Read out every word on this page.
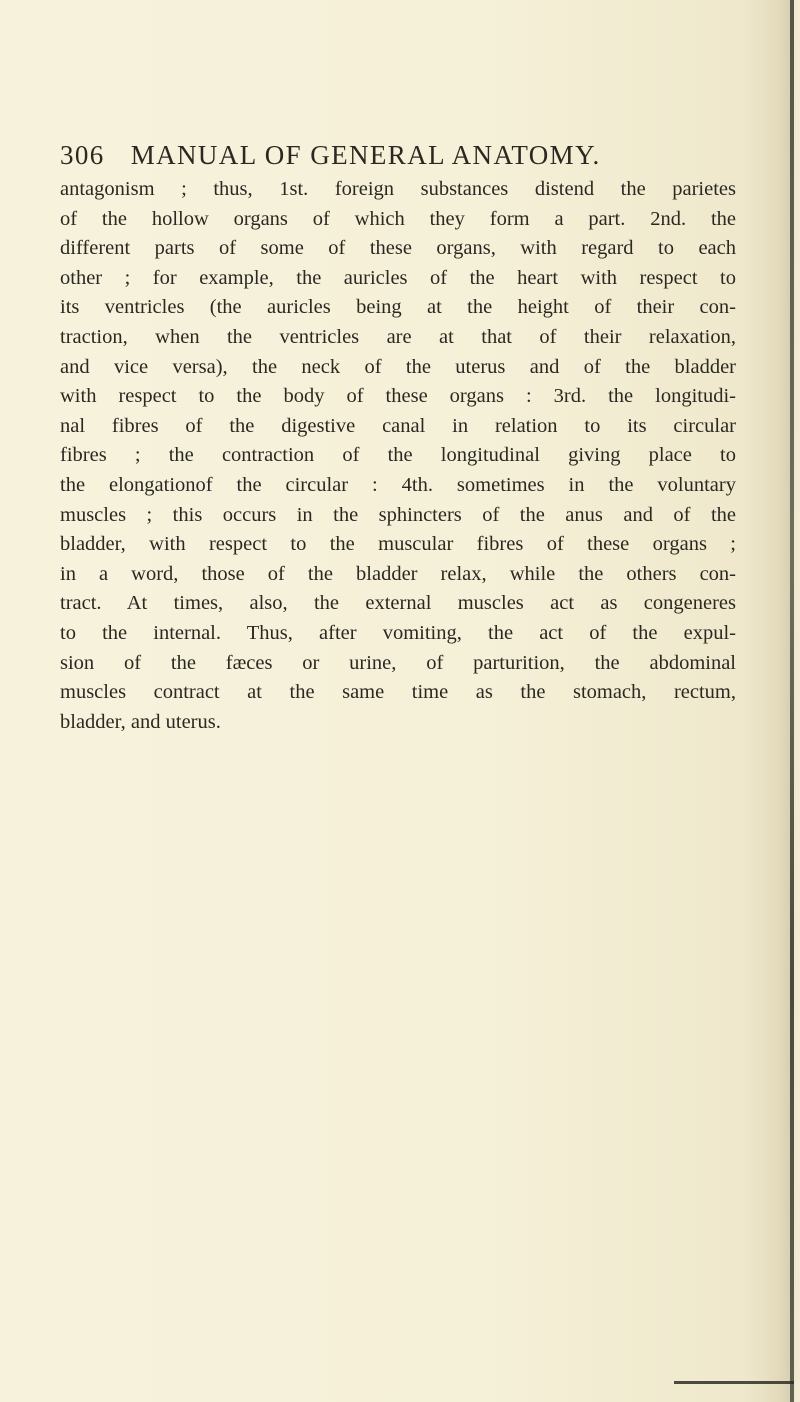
306 MANUAL OF GENERAL ANATOMY.
antagonism ; thus, 1st. foreign substances distend the parietes
of the hollow organs of which they form a part. 2nd. the
different parts of some of these organs, with regard to each
other ; for example, the auricles of the heart with respect to
its ventricles (the auricles being at the height of their con-
traction, when the ventricles are at that of their relaxation,
and vice versa), the neck of the uterus and of the bladder
with respect to the body of these organs : 3rd. the longitudi-
nal fibres of the digestive canal in relation to its circular
fibres ; the contraction of the longitudinal giving place to
the elongationof the circular : 4th. sometimes in the voluntary
muscles ; this occurs in the sphincters of the anus and of the
bladder, with respect to the muscular fibres of these organs ;
in a word, those of the bladder relax, while the others con-
tract. At times, also, the external muscles act as congeneres
to the internal. Thus, after vomiting, the act of the expul-
sion of the fæces or urine, of parturition, the abdominal
muscles contract at the same time as the stomach, rectum,
bladder, and uterus.
